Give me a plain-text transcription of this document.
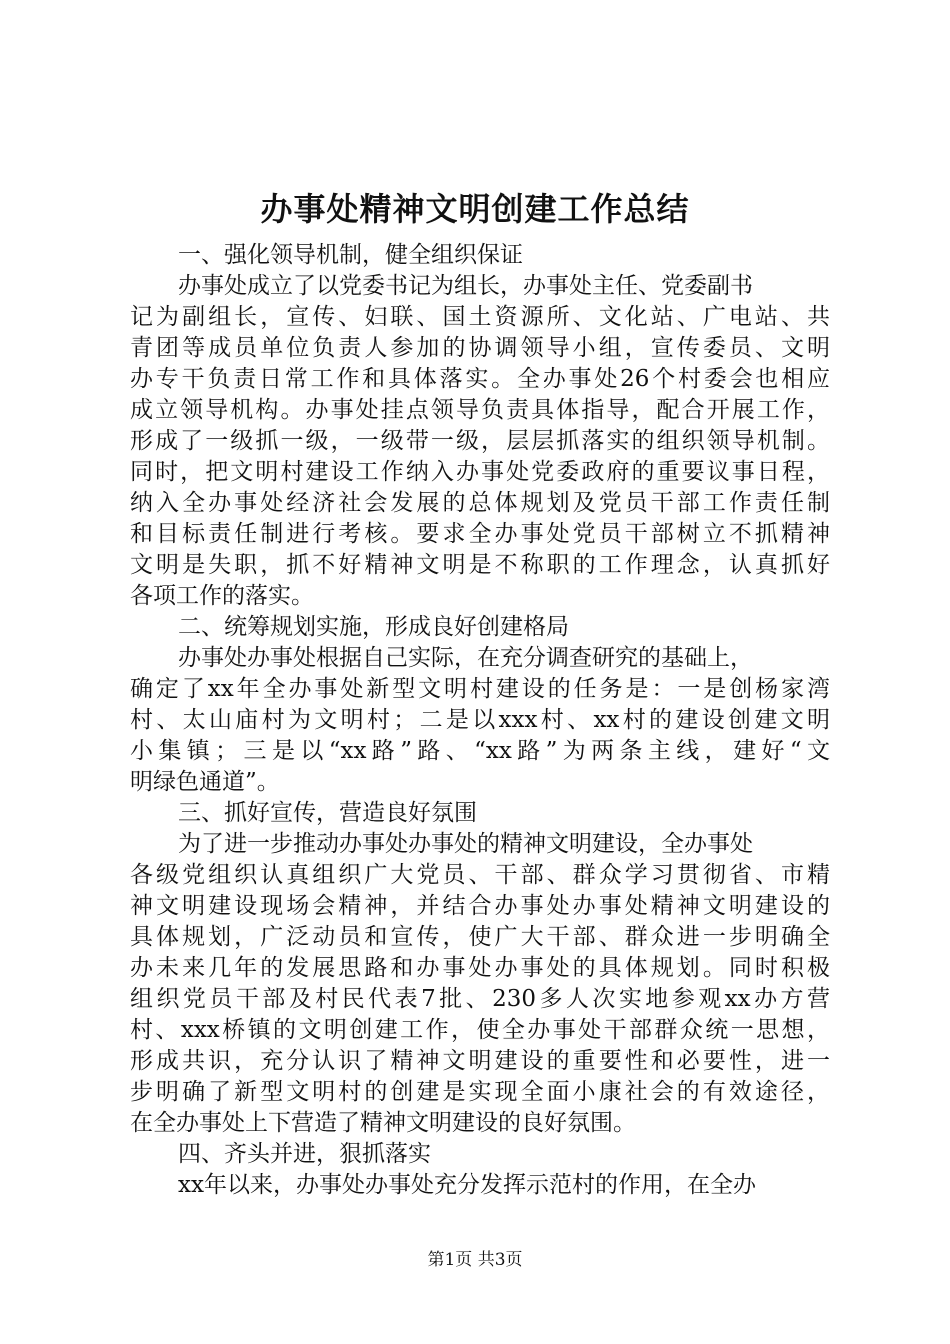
办事处精神文明创建工作总结
一、强化领导机制，健全组织保证
办事处成立了以党委书记为组长，办事处主任、党委副书
记为副组长，宣传、妇联、国土资源所、文化站、广电站、共
青团等成员单位负责人参加的协调领导小组，宣传委员、文明
办专干负责日常工作和具体落实。全办事处26个村委会也相应
成立领导机构。办事处挂点领导负责具体指导，配合开展工作，
形成了一级抓一级，一级带一级，层层抓落实的组织领导机制。
同时，把文明村建设工作纳入办事处党委政府的重要议事日程，
纳入全办事处经济社会发展的总体规划及党员干部工作责任制
和目标责任制进行考核。要求全办事处党员干部树立不抓精神
文明是失职，抓不好精神文明是不称职的工作理念，认真抓好
各项工作的落实。
二、统筹规划实施，形成良好创建格局
办事处办事处根据自己实际，在充分调查研究的基础上，
确定了xx年全办事处新型文明村建设的任务是：一是创杨家湾
村、太山庙村为文明村；二是以xxx村、xx村的建设创建文明
小集镇；三是以“xx路”路、“xx路”为两条主线，建好“文
明绿色通道”。
三、抓好宣传，营造良好氛围
为了进一步推动办事处办事处的精神文明建设，全办事处
各级党组织认真组织广大党员、干部、群众学习贯彻省、市精
神文明建设现场会精神，并结合办事处办事处精神文明建设的
具体规划，广泛动员和宣传，使广大干部、群众进一步明确全
办未来几年的发展思路和办事处办事处的具体规划。同时积极
组织党员干部及村民代表7批、230多人次实地参观xx办方营
村、xxx桥镇的文明创建工作，使全办事处干部群众统一思想，
形成共识，充分认识了精神文明建设的重要性和必要性，进一
步明确了新型文明村的创建是实现全面小康社会的有效途径，
在全办事处上下营造了精神文明建设的良好氛围。
四、齐头并进，狠抓落实
xx年以来，办事处办事处充分发挥示范村的作用，在全办
第1页 共3页
